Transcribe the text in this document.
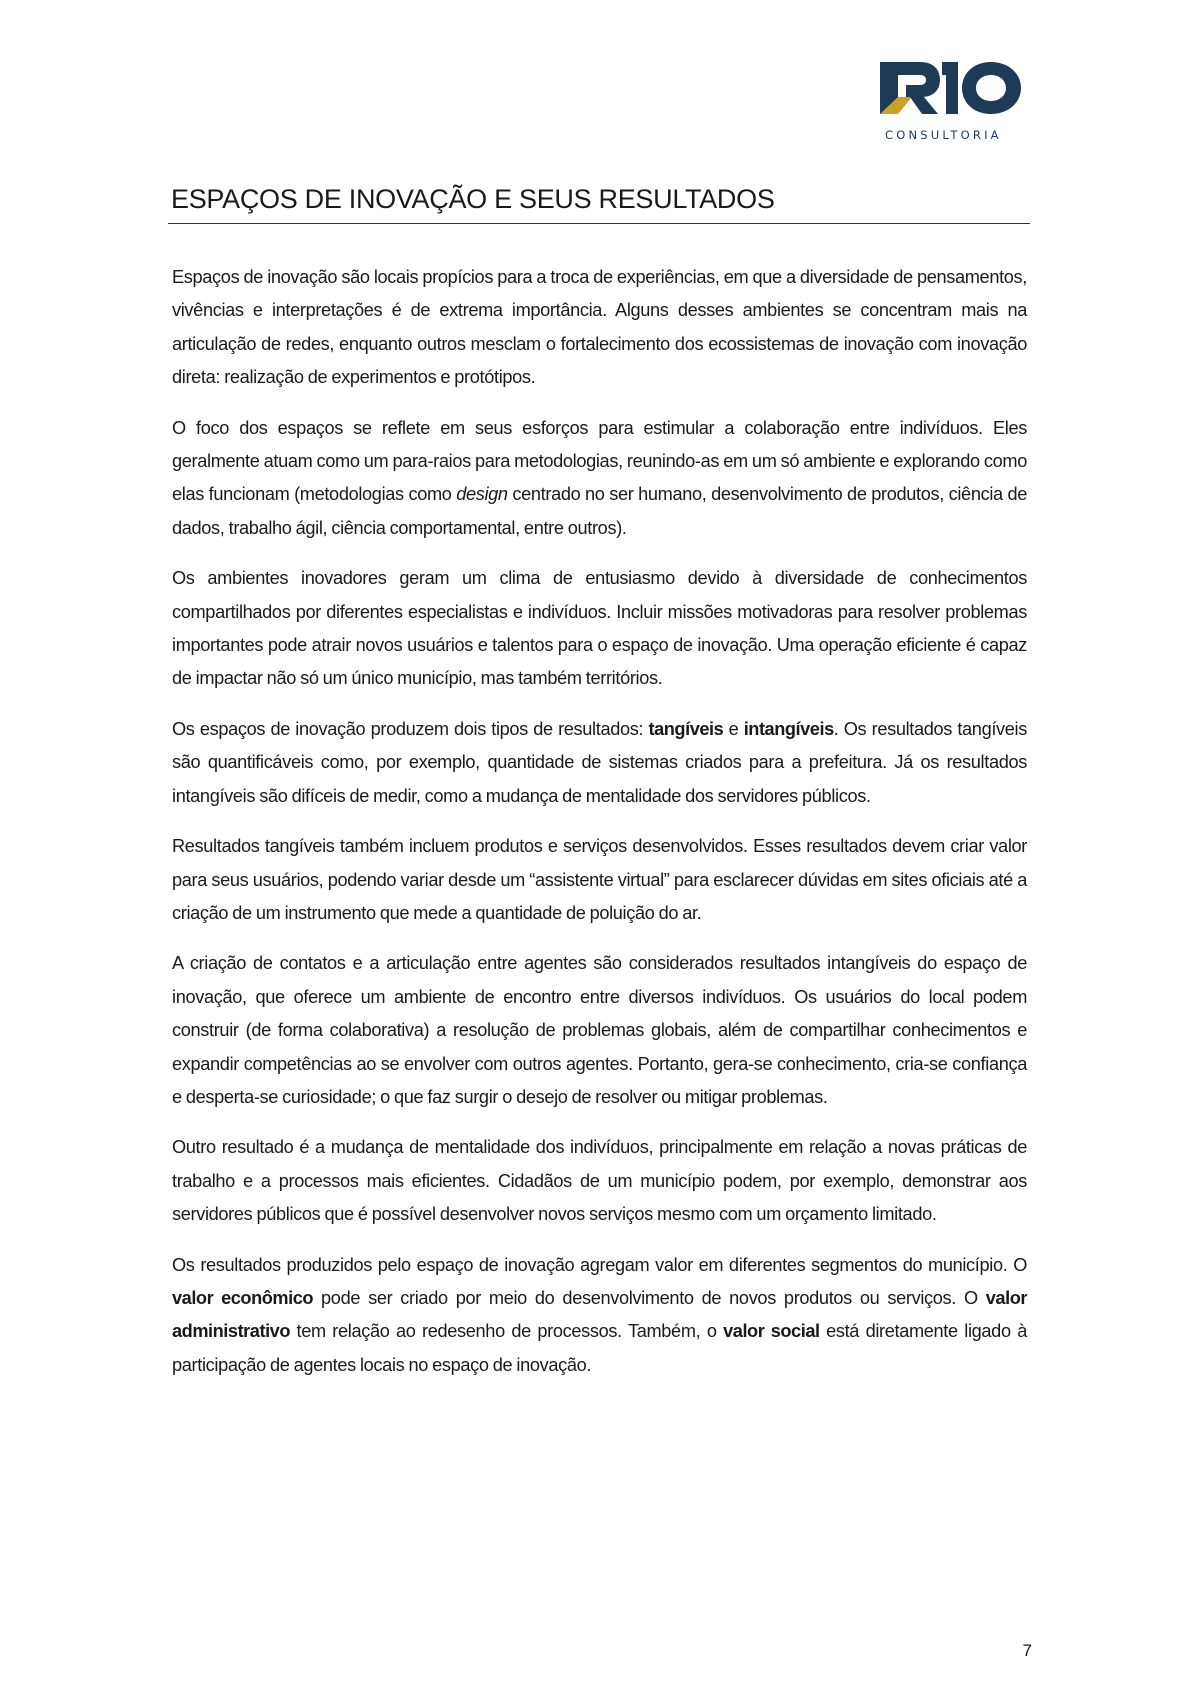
CONSULTORIA
ESPAÇOS DE INOVAÇÃO E SEUS RESULTADOS

Espaços de inovação são locais propícios para a troca de experiências, em que a diversidade de pensamentos, vivências e interpretações é de extrema importância. Alguns desses ambientes se concentram mais na articulação de redes, enquanto outros mesclam o fortalecimento dos ecossistemas de inovação com inovação direta: realização de experimentos e protótipos.

O foco dos espaços se reflete em seus esforços para estimular a colaboração entre indivíduos. Eles geralmente atuam como um para-raios para metodologias, reunindo-as em um só ambiente e explorando como elas funcionam (metodologias como design centrado no ser humano, desenvolvimento de produtos, ciência de dados, trabalho ágil, ciência comportamental, entre outros).

Os ambientes inovadores geram um clima de entusiasmo devido à diversidade de conhecimentos compartilhados por diferentes especialistas e indivíduos. Incluir missões motivadoras para resolver problemas importantes pode atrair novos usuários e talentos para o espaço de inovação. Uma operação eficiente é capaz de impactar não só um único município, mas também territórios.

Os espaços de inovação produzem dois tipos de resultados: tangíveis e intangíveis. Os resultados tangíveis são quantificáveis como, por exemplo, quantidade de sistemas criados para a prefeitura. Já os resultados intangíveis são difíceis de medir, como a mudança de mentalidade dos servidores públicos.

Resultados tangíveis também incluem produtos e serviços desenvolvidos. Esses resultados devem criar valor para seus usuários, podendo variar desde um “assistente virtual” para esclarecer dúvidas em sites oficiais até a criação de um instrumento que mede a quantidade de poluição do ar.

A criação de contatos e a articulação entre agentes são considerados resultados intangíveis do espaço de inovação, que oferece um ambiente de encontro entre diversos indivíduos. Os usuários do local podem construir (de forma colaborativa) a resolução de problemas globais, além de compartilhar conhecimentos e expandir competências ao se envolver com outros agentes. Portanto, gera-se conhecimento, cria-se confiança e desperta-se curiosidade; o que faz surgir o desejo de resolver ou mitigar problemas.

Outro resultado é a mudança de mentalidade dos indivíduos, principalmente em relação a novas práticas de trabalho e a processos mais eficientes. Cidadãos de um município podem, por exemplo, demonstrar aos servidores públicos que é possível desenvolver novos serviços mesmo com um orçamento limitado.

Os resultados produzidos pelo espaço de inovação agregam valor em diferentes segmentos do município. O valor econômico pode ser criado por meio do desenvolvimento de novos produtos ou serviços. O valor administrativo tem relação ao redesenho de processos. Também, o valor social está diretamente ligado à participação de agentes locais no espaço de inovação.

7
